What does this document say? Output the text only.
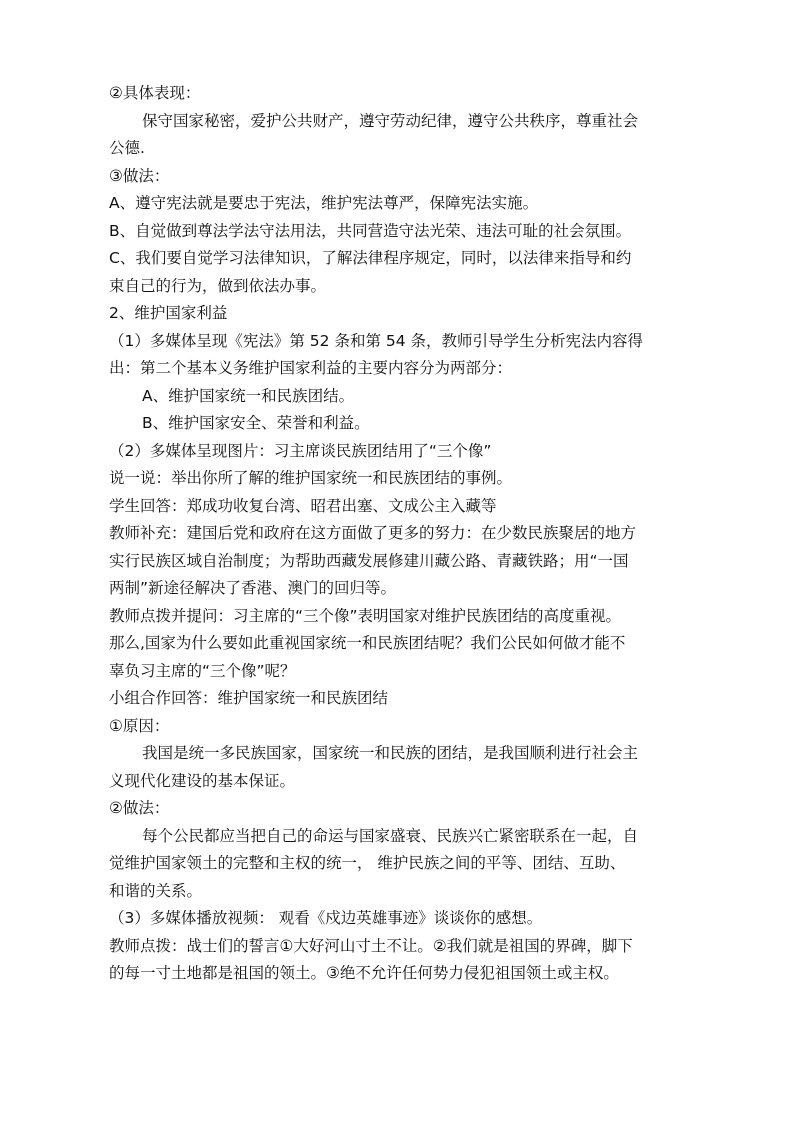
②具体表现：
保守国家秘密，爱护公共财产，遵守劳动纪律，遵守公共秩序，尊重社会
公德.
③做法：
A、遵守宪法就是要忠于宪法，维护宪法尊严，保障宪法实施。
B、自觉做到尊法学法守法用法，共同营造守法光荣、违法可耻的社会氛围。
C、我们要自觉学习法律知识，了解法律程序规定，同时，以法律来指导和约
束自己的行为，做到依法办事。
2、维护国家利益
（1）多媒体呈现《宪法》第 52 条和第 54 条，教师引导学生分析宪法内容得
出：第二个基本义务维护国家利益的主要内容分为两部分：
A、维护国家统一和民族团结。
B、维护国家安全、荣誉和利益。
（2）多媒体呈现图片：习主席谈民族团结用了“三个像”
说一说：举出你所了解的维护国家统一和民族团结的事例。
学生回答：郑成功收复台湾、昭君出塞、文成公主入藏等
教师补充：建国后党和政府在这方面做了更多的努力：在少数民族聚居的地方
实行民族区域自治制度；为帮助西藏发展修建川藏公路、青藏铁路；用“一国
两制”新途径解决了香港、澳门的回归等。
教师点拨并提问：习主席的“三个像”表明国家对维护民族团结的高度重视。
那么,国家为什么要如此重视国家统一和民族团结呢？我们公民如何做才能不
辜负习主席的“三个像”呢？
小组合作回答：维护国家统一和民族团结
①原因：
我国是统一多民族国家，国家统一和民族的团结，是我国顺利进行社会主
义现代化建设的基本保证。
②做法：
每个公民都应当把自己的命运与国家盛衰、民族兴亡紧密联系在一起，自
觉维护国家领土的完整和主权的统一， 维护民族之间的平等、团结、互助、
和谐的关系。
（3）多媒体播放视频： 观看《戍边英雄事迹》谈谈你的感想。
教师点拨：战士们的誓言①大好河山寸土不让。②我们就是祖国的界碑，脚下
的每一寸土地都是祖国的领土。③绝不允许任何势力侵犯祖国领土或主权。
